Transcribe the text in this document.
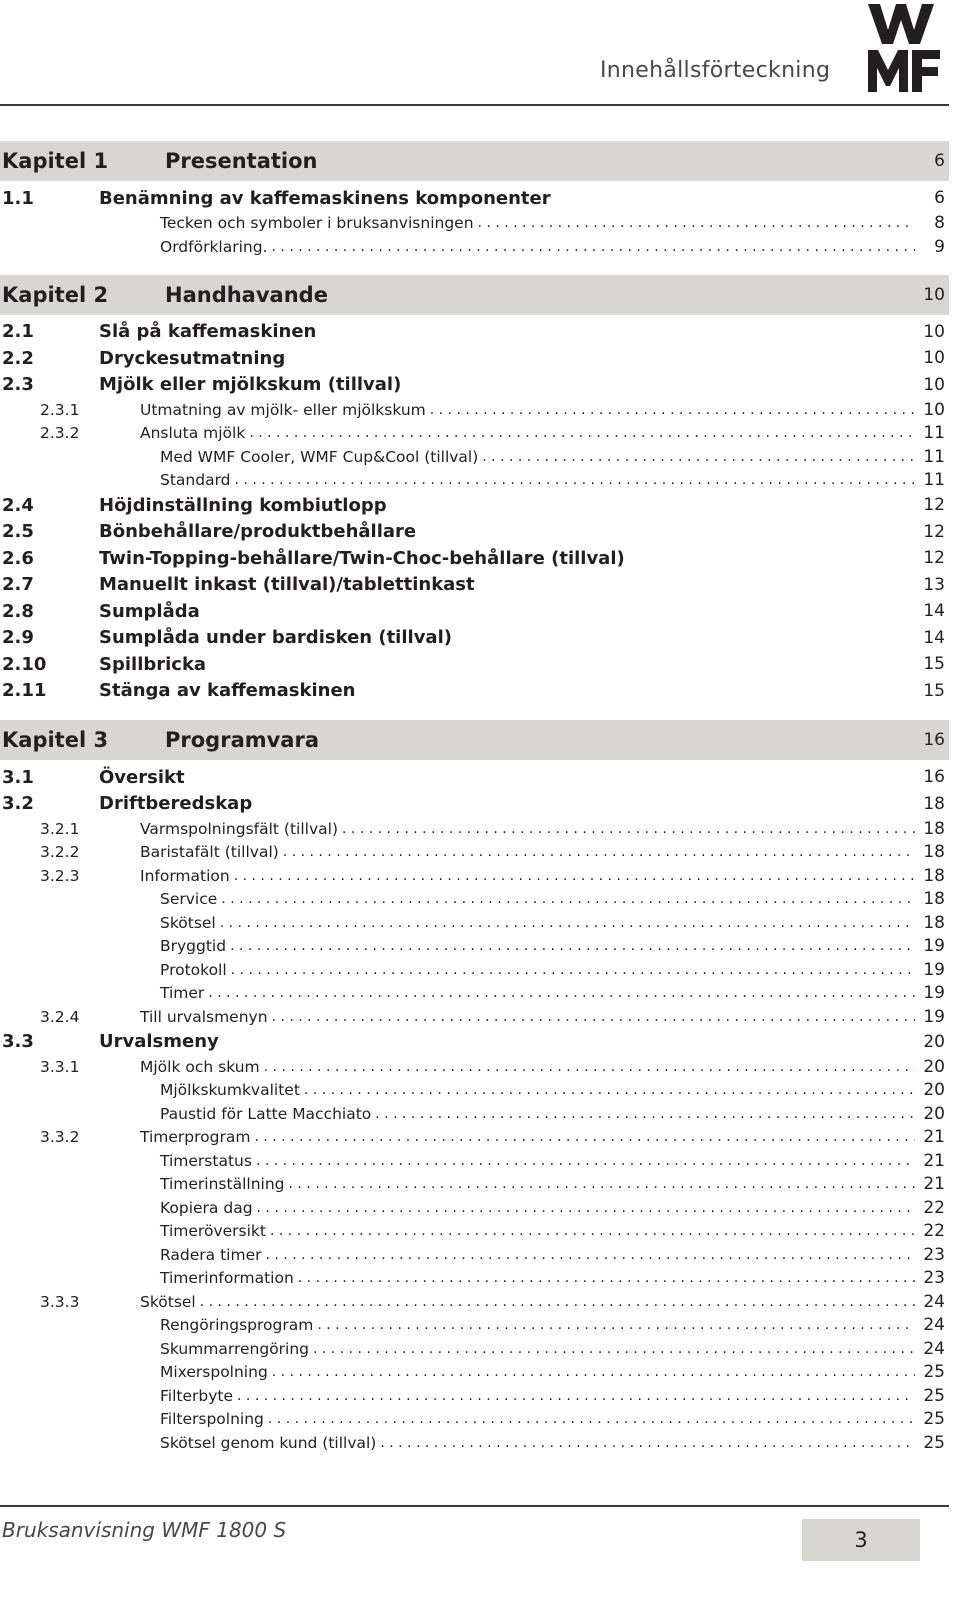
Innehållsförteckning
Kapitel 1	Presentation	6
1.1	Benämning av kaffemaskinens komponenter	6
Tecken och symboler i bruksanvisningen . . .	8
Ordförklaring. . . .	9
Kapitel 2	Handhavande	10
2.1	Slå på kaffemaskinen	10
2.2	Dryckesutmatning	10
2.3	Mjölk eller mjölkskum (tillval)	10
2.3.1	Utmatning av mjölk- eller mjölkskum . . .	10
2.3.2	Ansluta mjölk . . .	11
Med WMF Cooler, WMF Cup&Cool (tillval) . . .	11
Standard . . .	11
2.4	Höjdinställning kombiutlopp	12
2.5	Bönbehållare/produktbehållare	12
2.6	Twin-Topping-behållare/Twin-Choc-behållare (tillval)	12
2.7	Manuellt inkast (tillval)/tablettinkast	13
2.8	Sumplåda	14
2.9	Sumplåda under bardisken (tillval)	14
2.10	Spillbricka	15
2.11	Stänga av kaffemaskinen	15
Kapitel 3	Programvara	16
3.1	Översikt	16
3.2	Driftberedskap	18
3.2.1	Varmspolningsfält (tillval) . . .	18
3.2.2	Baristafält (tillval) . . .	18
3.2.3	Information . . .	18
Service . . .	18
Skötsel . . .	18
Bryggtid . . .	19
Protokoll . . .	19
Timer . . .	19
3.2.4	Till urvalsmenyn . . .	19
3.3	Urvalsmeny	20
3.3.1	Mjölk och skum . . .	20
Mjölkskumkvalitet . . .	20
Paustid för Latte Macchiato . . .	20
3.3.2	Timerprogram . . .	21
Timerstatus . . .	21
Timerinställning . . .	21
Kopiera dag . . .	22
Timeröversikt . . .	22
Radera timer . . .	23
Timerinformation . . .	23
3.3.3	Skötsel . . .	24
Rengöringsprogram . . .	24
Skummarrengöring . . .	24
Mixerspolning . . .	25
Filterbyte . . .	25
Filterspolning . . .	25
Skötsel genom kund (tillval) . . .	25
Bruksanvisning WMF 1800 S	3
